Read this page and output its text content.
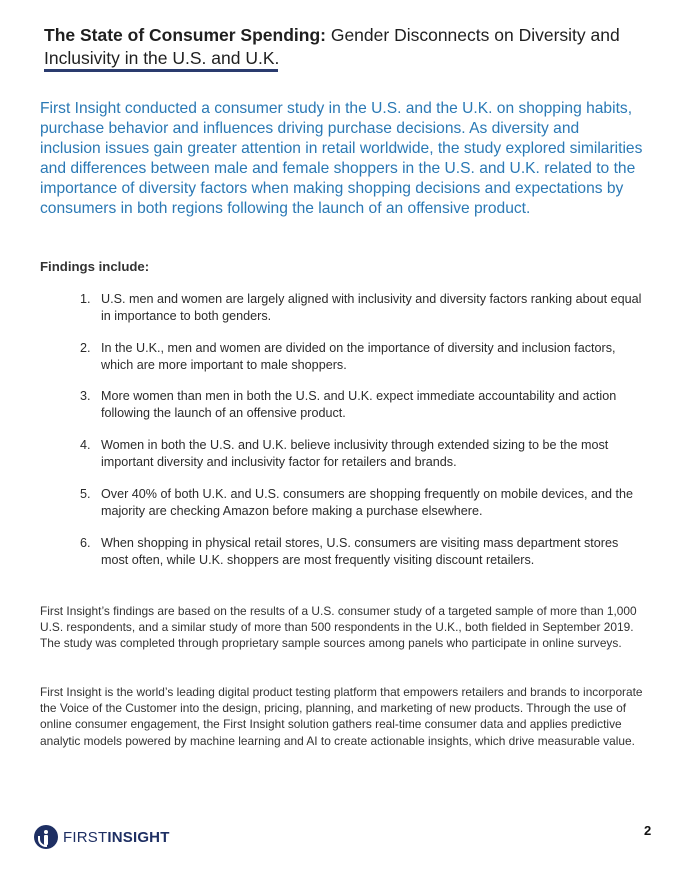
The State of Consumer Spending: Gender Disconnects on Diversity and Inclusivity in the U.S. and U.K.
First Insight conducted a consumer study in the U.S. and the U.K. on shopping habits, purchase behavior and influences driving purchase decisions. As diversity and inclusion issues gain greater attention in retail worldwide, the study explored similarities and differences between male and female shoppers in the U.S. and U.K. related to the importance of diversity factors when making shopping decisions and expectations by consumers in both regions following the launch of an offensive product.
Findings include:
1. U.S. men and women are largely aligned with inclusivity and diversity factors ranking about equal in importance to both genders.
2. In the U.K., men and women are divided on the importance of diversity and inclusion factors, which are more important to male shoppers.
3. More women than men in both the U.S. and U.K. expect immediate accountability and action following the launch of an offensive product.
4. Women in both the U.S. and U.K. believe inclusivity through extended sizing to be the most important diversity and inclusivity factor for retailers and brands.
5. Over 40% of both U.K. and U.S. consumers are shopping frequently on mobile devices, and the majority are checking Amazon before making a purchase elsewhere.
6. When shopping in physical retail stores, U.S. consumers are visiting mass department stores most often, while U.K. shoppers are most frequently visiting discount retailers.
First Insight’s findings are based on the results of a U.S. consumer study of a targeted sample of more than 1,000 U.S. respondents, and a similar study of more than 500 respondents in the U.K., both fielded in September 2019. The study was completed through proprietary sample sources among panels who participate in online surveys.
First Insight is the world’s leading digital product testing platform that empowers retailers and brands to incorporate the Voice of the Customer into the design, pricing, planning, and marketing of new products. Through the use of online consumer engagement, the First Insight solution gathers real-time consumer data and applies predictive analytic models powered by machine learning and AI to create actionable insights, which drive measurable value.
FIRSTINSIGHT	2
